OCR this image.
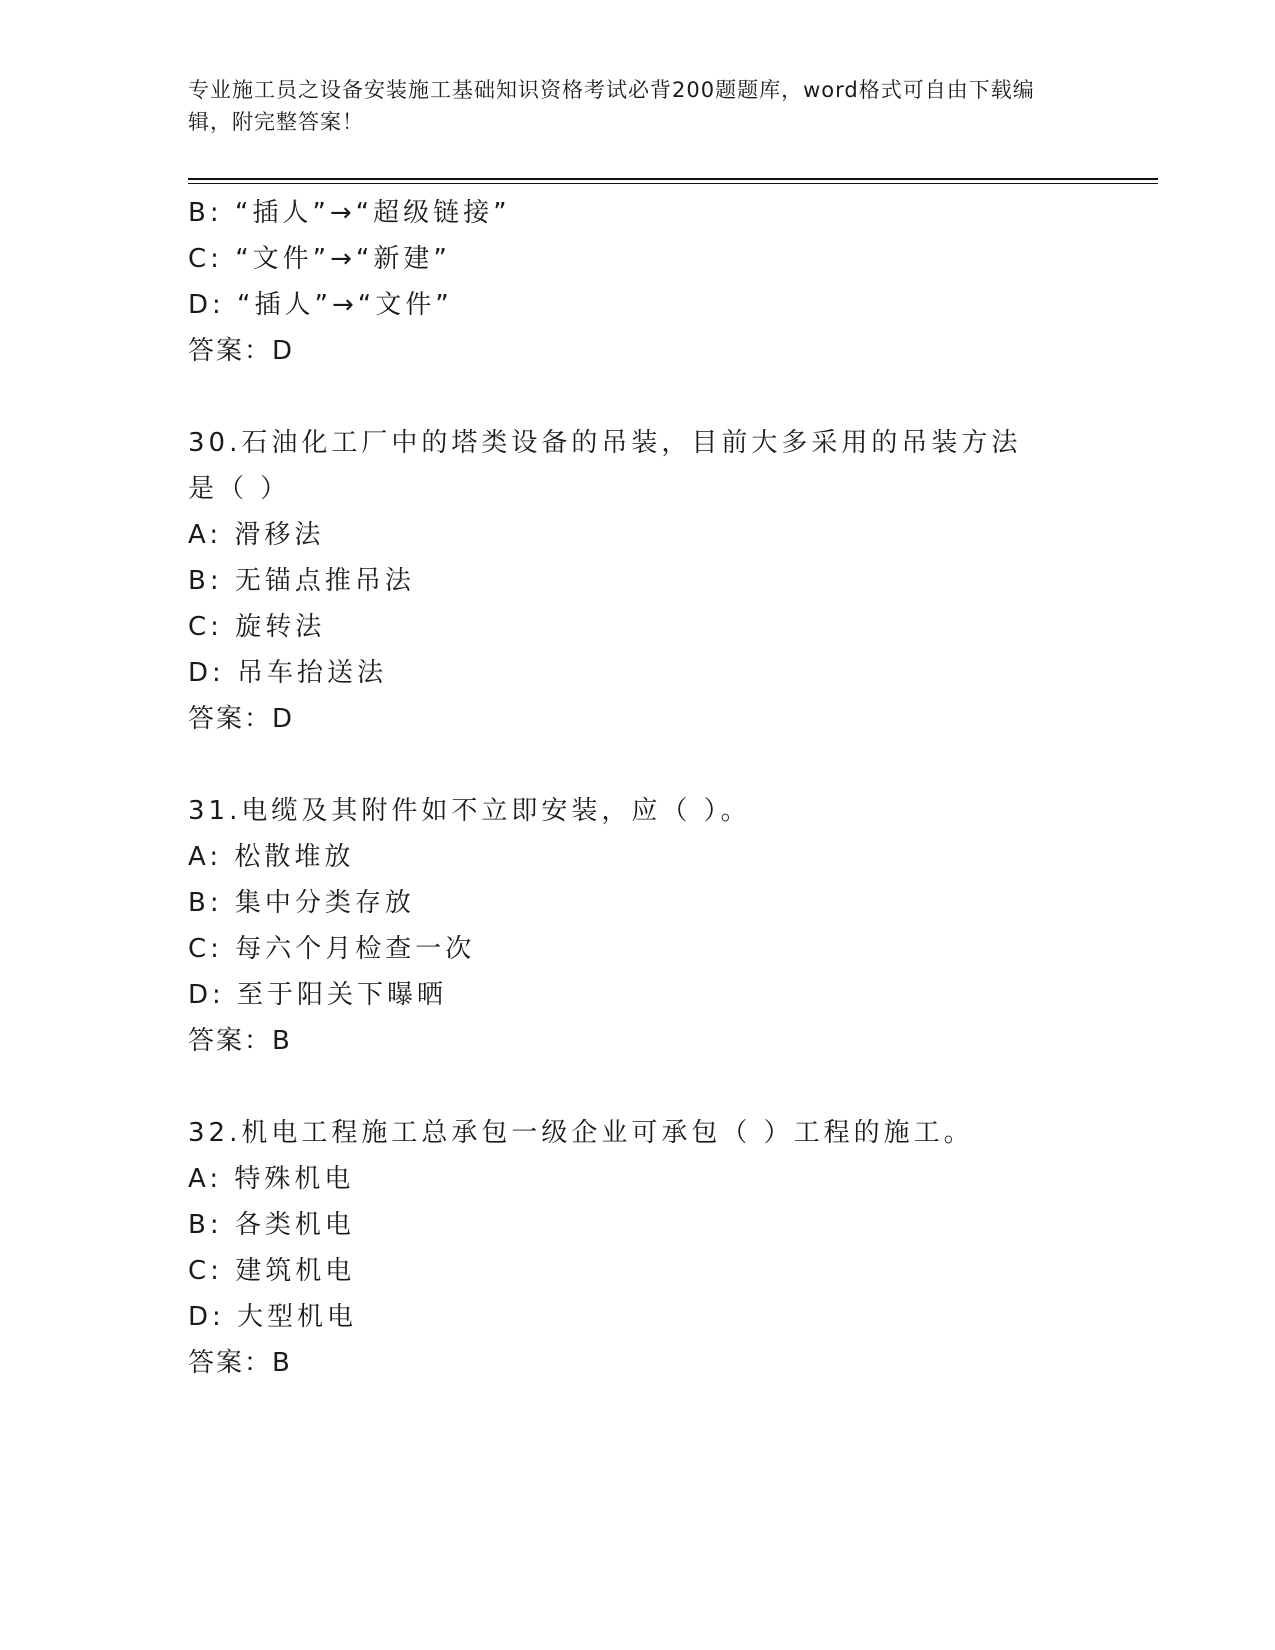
专业施工员之设备安装施工基础知识资格考试必背200题题库，word格式可自由下载编辑，附完整答案！
B: “插人”→“超级链接”
C: “文件”→“新建”
D: “插人”→“文件”
答案：D
30.石油化工厂中的塔类设备的吊装，目前大多采用的吊装方法是（ ）
A: 滑移法
B: 无锚点推吊法
C: 旋转法
D: 吊车抬送法
答案：D
31.电缆及其附件如不立即安装，应（ ）。
A: 松散堆放
B: 集中分类存放
C: 每六个月检查一次
D: 至于阳关下曝晒
答案：B
32.机电工程施工总承包一级企业可承包（ ）工程的施工。
A: 特殊机电
B: 各类机电
C: 建筑机电
D: 大型机电
答案：B
